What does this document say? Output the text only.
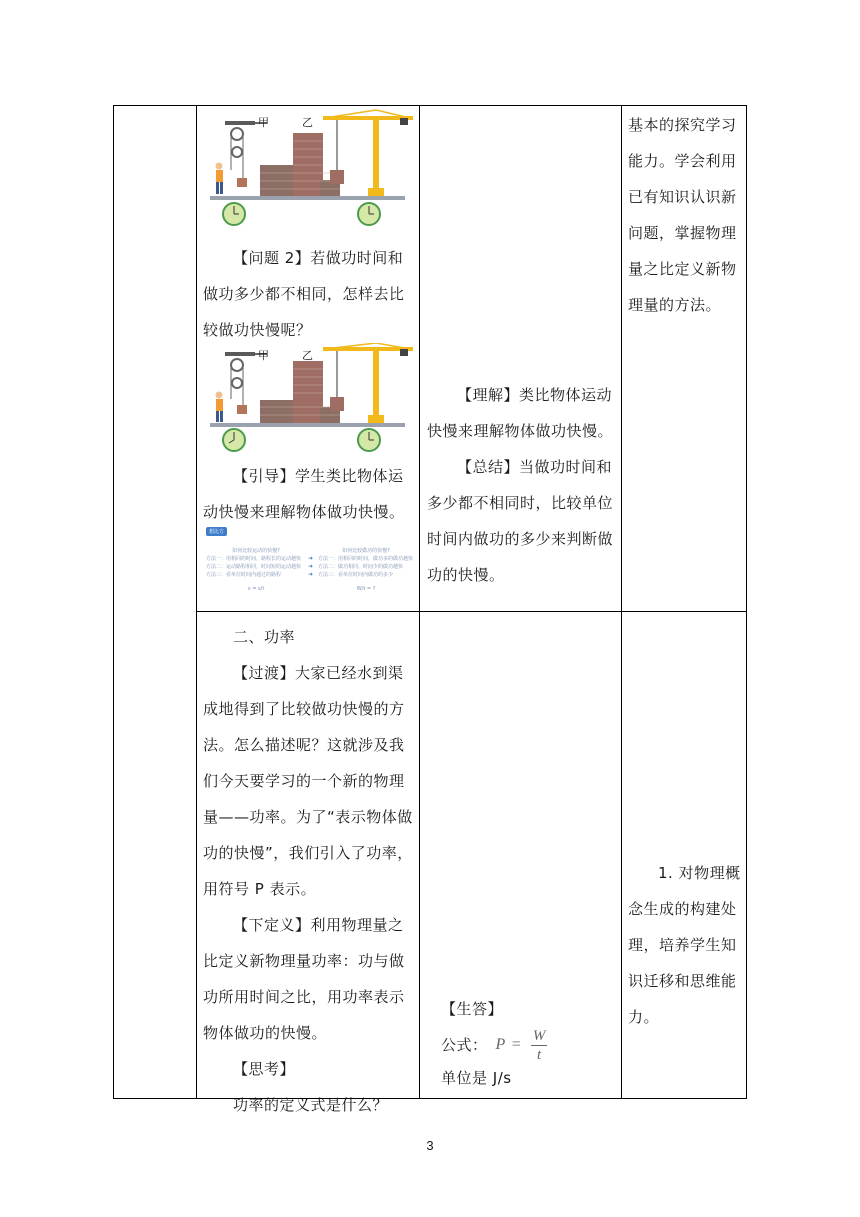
甲	乙

【问题 2】若做功时间和做功多少都不相同，怎样去比较做功快慢呢？

甲	乙

【引导】学生类比物体运动快慢来理解物体做功快慢。

想比方
如何比较运动的快慢?
方法一：用相同的时间，路程长的运动越快
方法二：运动路程相同，时间短的运动越快
方法三：看单位时间内通过的路程
v = s/t
➜
➜
➜
如何比较做功的快慢?
方法一：用相同的时间，做功多的做功越快
方法二：做功相同，时间少的做功越快
方法三：看单位时间内做功的多少
W/t = ?

【理解】类比物体运动快慢来理解物体做功快慢。

【总结】当做功时间和多少都不相同时，比较单位时间内做功的多少来判断做功的快慢。

基本的探究学习能力。学会利用已有知识认识新问题，掌握物理量之比定义新物理量的方法。

二、功率

【过渡】大家已经水到渠成地得到了比较做功快慢的方法。怎么描述呢？这就涉及我们今天要学习的一个新的物理量——功率。为了“表示物体做功的快慢”，我们引入了功率，用符号 P 表示。

【下定义】利用物理量之比定义新物理量功率：功与做功所用时间之比，用功率表示物体做功的快慢。

【思考】

功率的定义式是什么？

【生答】

公式： $P = \frac{W}{t}$

单位是 J/s

1. 对物理概念生成的构建处理，培养学生知识迁移和思维能力。

3
